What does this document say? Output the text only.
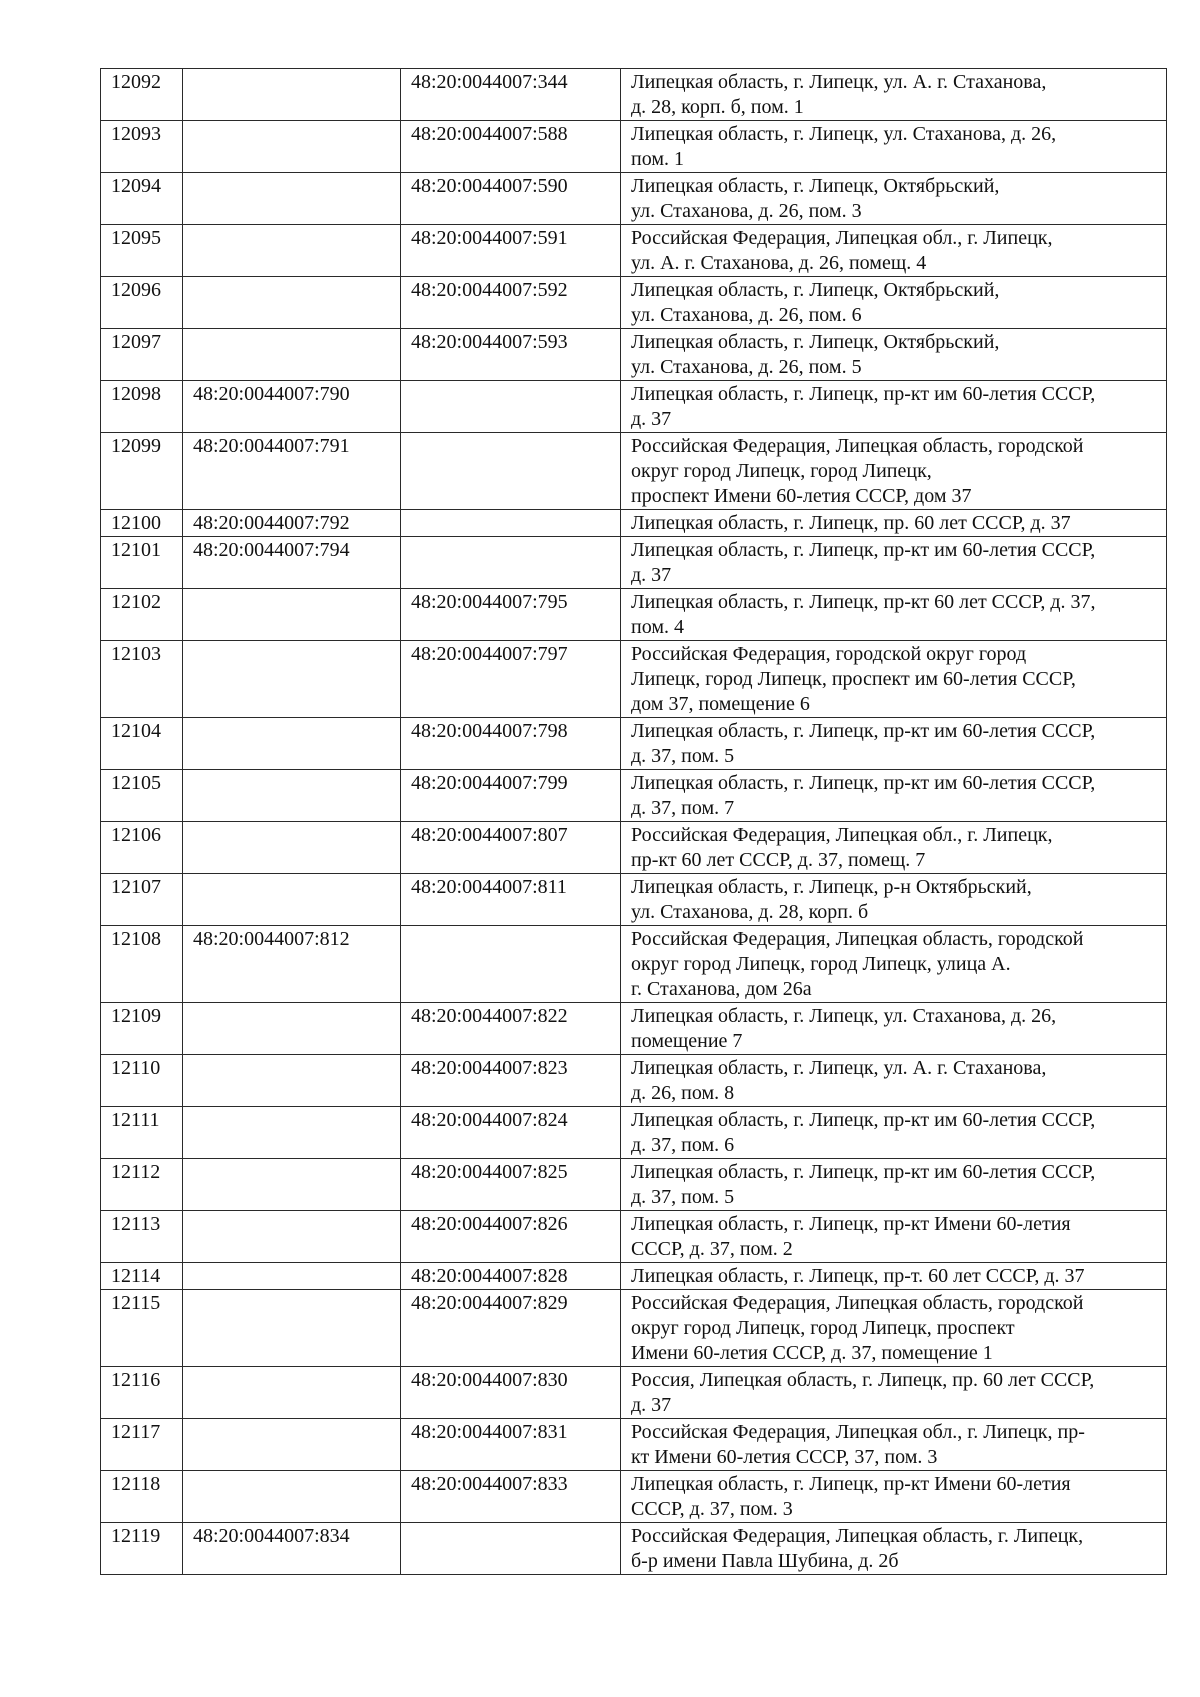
12092		48:20:0044007:344	Липецкая область, г. Липецк, ул. А. г. Стаханова,
д. 28, корп. б, пом. 1
12093		48:20:0044007:588	Липецкая область, г. Липецк, ул. Стаханова, д. 26,
пом. 1
12094		48:20:0044007:590	Липецкая область, г. Липецк, Октябрьский,
ул. Стаханова, д. 26, пом. 3
12095		48:20:0044007:591	Российская Федерация, Липецкая обл., г. Липецк,
ул. А. г. Стаханова, д. 26, помещ. 4
12096		48:20:0044007:592	Липецкая область, г. Липецк, Октябрьский,
ул. Стаханова, д. 26, пом. 6
12097		48:20:0044007:593	Липецкая область, г. Липецк, Октябрьский,
ул. Стаханова, д. 26, пом. 5
12098	48:20:0044007:790		Липецкая область, г. Липецк, пр-кт им 60-летия СССР,
д. 37
12099	48:20:0044007:791		Российская Федерация, Липецкая область, городской
округ город Липецк, город Липецк,
проспект Имени 60-летия СССР, дом 37
12100	48:20:0044007:792		Липецкая область, г. Липецк, пр. 60 лет СССР, д. 37
12101	48:20:0044007:794		Липецкая область, г. Липецк, пр-кт им 60-летия СССР,
д. 37
12102		48:20:0044007:795	Липецкая область, г. Липецк, пр-кт 60 лет СССР, д. 37,
пом. 4
12103		48:20:0044007:797	Российская Федерация, городской округ город
Липецк, город Липецк, проспект им 60-летия СССР,
дом 37, помещение 6
12104		48:20:0044007:798	Липецкая область, г. Липецк, пр-кт им 60-летия СССР,
д. 37, пом. 5
12105		48:20:0044007:799	Липецкая область, г. Липецк, пр-кт им 60-летия СССР,
д. 37, пом. 7
12106		48:20:0044007:807	Российская Федерация, Липецкая обл., г. Липецк,
пр-кт 60 лет СССР, д. 37, помещ. 7
12107		48:20:0044007:811	Липецкая область, г. Липецк, р-н Октябрьский,
ул. Стаханова, д. 28, корп. б
12108	48:20:0044007:812		Российская Федерация, Липецкая область, городской
округ город Липецк, город Липецк, улица А.
г. Стаханова, дом 26а
12109		48:20:0044007:822	Липецкая область, г. Липецк, ул. Стаханова, д. 26,
помещение 7
12110		48:20:0044007:823	Липецкая область, г. Липецк, ул. А. г. Стаханова,
д. 26, пом. 8
12111		48:20:0044007:824	Липецкая область, г. Липецк, пр-кт им 60-летия СССР,
д. 37, пом. 6
12112		48:20:0044007:825	Липецкая область, г. Липецк, пр-кт им 60-летия СССР,
д. 37, пом. 5
12113		48:20:0044007:826	Липецкая область, г. Липецк, пр-кт Имени 60-летия
СССР, д. 37, пом. 2
12114		48:20:0044007:828	Липецкая область, г. Липецк, пр-т. 60 лет СССР, д. 37
12115		48:20:0044007:829	Российская Федерация, Липецкая область, городской
округ город Липецк, город Липецк, проспект
Имени 60-летия СССР, д. 37, помещение 1
12116		48:20:0044007:830	Россия, Липецкая область, г. Липецк, пр. 60 лет СССР,
д. 37
12117		48:20:0044007:831	Российская Федерация, Липецкая обл., г. Липецк, пр-
кт Имени 60-летия СССР, 37, пом. 3
12118		48:20:0044007:833	Липецкая область, г. Липецк, пр-кт Имени 60-летия
СССР, д. 37, пом. 3
12119	48:20:0044007:834		Российская Федерация, Липецкая область, г. Липецк,
б-р имени Павла Шубина, д. 2б
